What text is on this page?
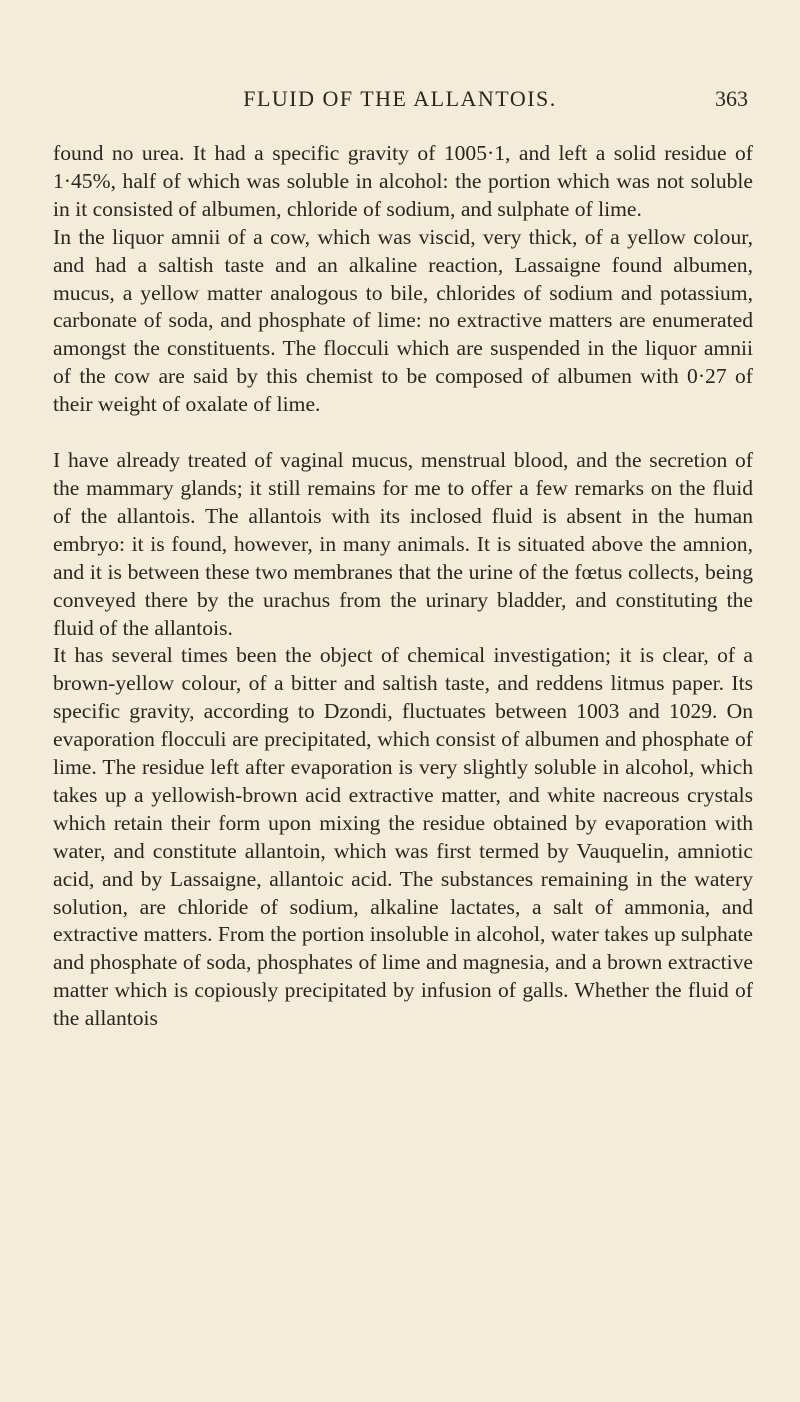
FLUID OF THE ALLANTOIS.	363

found no urea. It had a specific gravity of 1005·1, and left a solid residue of 1·45%, half of which was soluble in alcohol: the portion which was not soluble in it consisted of albumen, chloride of sodium, and sulphate of lime.

In the liquor amnii of a cow, which was viscid, very thick, of a yellow colour, and had a saltish taste and an alkaline reaction, Lassaigne found albumen, mucus, a yellow matter analogous to bile, chlorides of sodium and potassium, carbonate of soda, and phosphate of lime: no extractive matters are enumerated amongst the constituents. The flocculi which are suspended in the liquor amnii of the cow are said by this chemist to be composed of albumen with 0·27 of their weight of oxalate of lime.

I have already treated of vaginal mucus, menstrual blood, and the secretion of the mammary glands; it still remains for me to offer a few remarks on the fluid of the allantois. The allantois with its inclosed fluid is absent in the human embryo: it is found, however, in many animals. It is situated above the amnion, and it is between these two membranes that the urine of the fœtus collects, being conveyed there by the urachus from the urinary bladder, and constituting the fluid of the allantois.

It has several times been the object of chemical investigation; it is clear, of a brown-yellow colour, of a bitter and saltish taste, and reddens litmus paper. Its specific gravity, according to Dzondi, fluctuates between 1003 and 1029. On evaporation flocculi are precipitated, which consist of albumen and phosphate of lime. The residue left after evaporation is very slightly soluble in alcohol, which takes up a yellowish-brown acid extractive matter, and white nacreous crystals which retain their form upon mixing the residue obtained by evaporation with water, and constitute allantoin, which was first termed by Vauquelin, amniotic acid, and by Lassaigne, allantoic acid. The substances remaining in the watery solution, are chloride of sodium, alkaline lactates, a salt of ammonia, and extractive matters. From the portion insoluble in alcohol, water takes up sulphate and phosphate of soda, phosphates of lime and magnesia, and a brown extractive matter which is copiously precipitated by infusion of galls. Whether the fluid of the allantois
